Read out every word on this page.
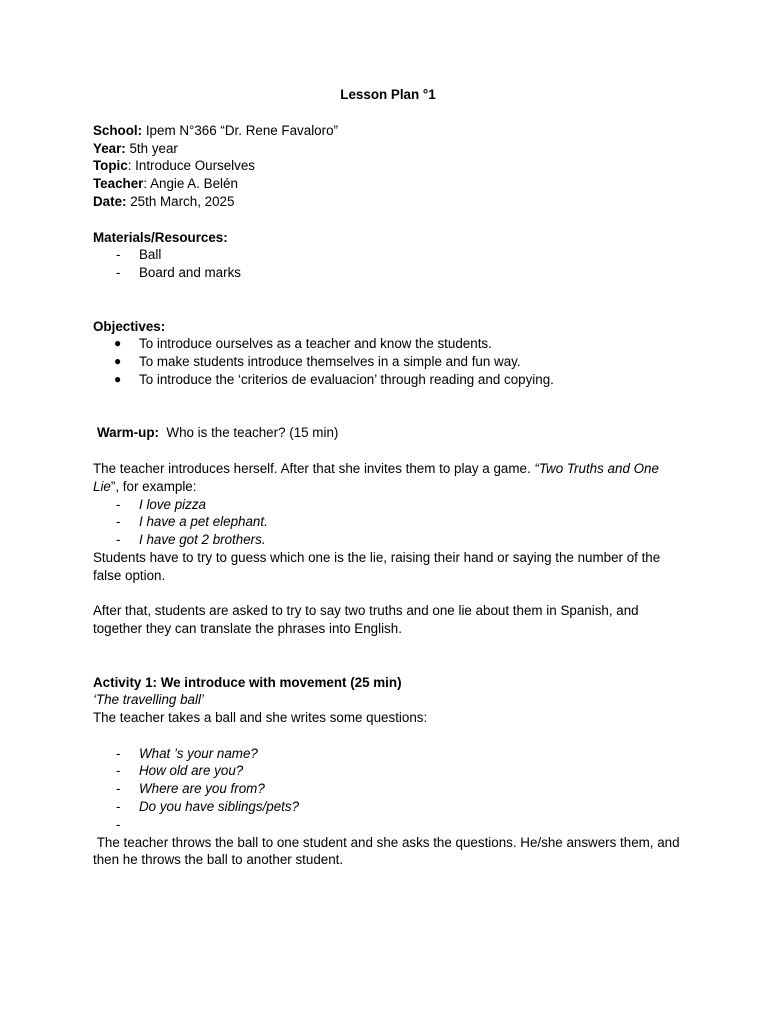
Lesson Plan °1

School: Ipem N°366 “Dr. Rene Favaloro”

Year: 5th year

Topic: Introduce Ourselves

Teacher: Angie A. Belén

Date: 25th March, 2025

Materials/Resources:

- Ball
- Board and marks

Objectives:

● To introduce ourselves as a teacher and know the students.
● To make students introduce themselves in a simple and fun way.
● To introduce the ‘criterios de evaluacion’ through reading and copying.

Warm-up:  Who is the teacher? (15 min)

The teacher introduces herself. After that she invites them to play a game. “Two Truths and One Lie”, for example:

- I love pizza
- I have a pet elephant.
- I have got 2 brothers.

Students have to try to guess which one is the lie, raising their hand or saying the number of the false option.

After that, students are asked to try to say two truths and one lie about them in Spanish, and together they can translate the phrases into English.

Activity 1: We introduce with movement (25 min)

‘The travelling ball’

The teacher takes a ball and she writes some questions:

- What ’s your name?
- How old are you?
- Where are you from?
- Do you have siblings/pets?
-

The teacher throws the ball to one student and she asks the questions. He/she answers them, and then he throws the ball to another student.
